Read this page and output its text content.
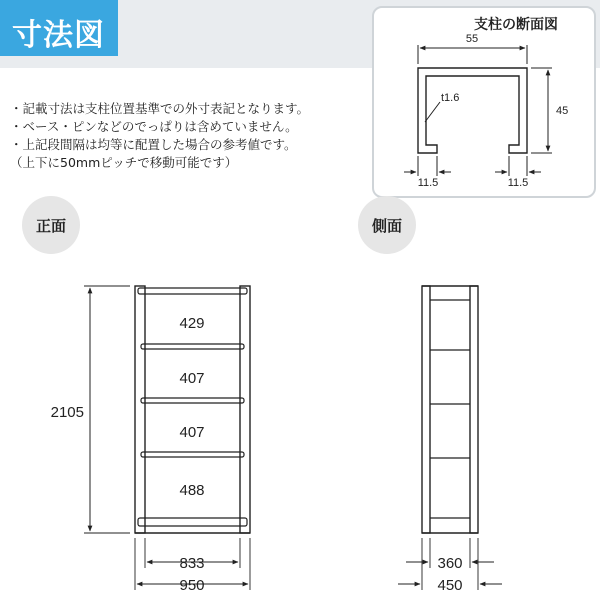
寸法図	支柱の断面図
・記載寸法は支柱位置基準での外寸表記となります。
・ベース・ピンなどのでっぱりは含めていません。
・上記段間隔は均等に配置した場合の参考値です。
（上下に50mmピッチで移動可能です）
正面	側面
55
45
t1.6
11.5	11.5
429
407
407
488
2105
833
950
360
450
